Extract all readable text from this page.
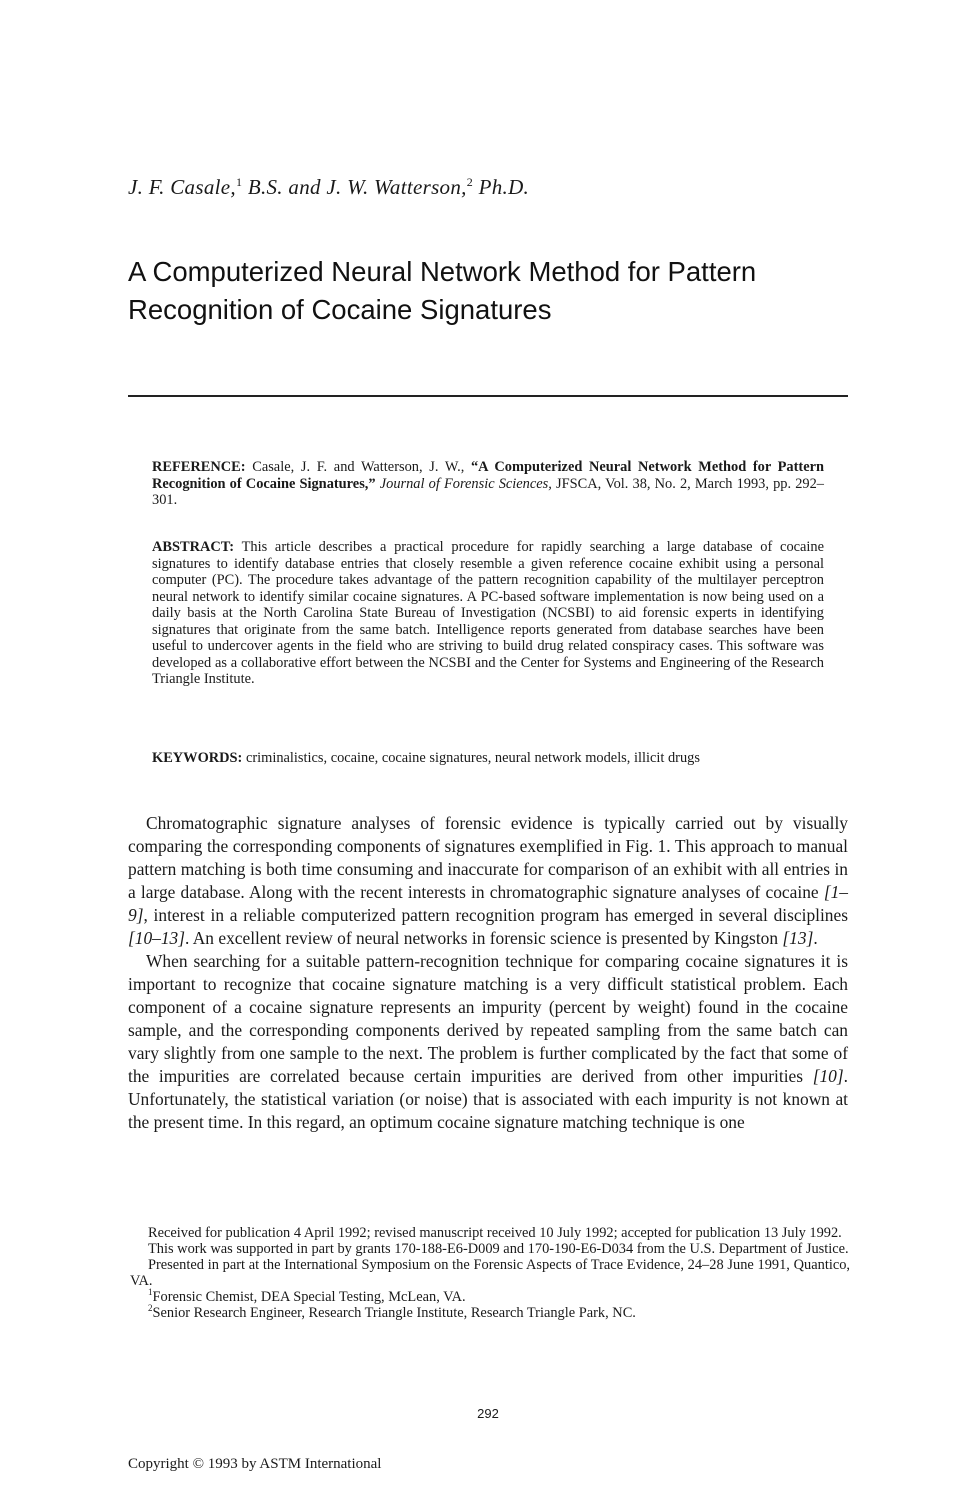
J. F. Casale,$^1$ B.S. and J. W. Watterson,$^2$ Ph.D.
A Computerized Neural Network Method for Pattern Recognition of Cocaine Signatures
REFERENCE: Casale, J. F. and Watterson, J. W., “A Computerized Neural Network Method for Pattern Recognition of Cocaine Signatures,” Journal of Forensic Sciences, JFSCA, Vol. 38, No. 2, March 1993, pp. 292–301.
ABSTRACT: This article describes a practical procedure for rapidly searching a large database of cocaine signatures to identify database entries that closely resemble a given reference cocaine exhibit using a personal computer (PC). The procedure takes advantage of the pattern recognition capability of the multilayer perceptron neural network to identify similar cocaine signatures. A PC-based software implementation is now being used on a daily basis at the North Carolina State Bureau of Investigation (NCSBI) to aid forensic experts in identifying signatures that originate from the same batch. Intelligence reports generated from database searches have been useful to undercover agents in the field who are striving to build drug related conspiracy cases. This software was developed as a collaborative effort between the NCSBI and the Center for Systems and Engineering of the Research Triangle Institute.
KEYWORDS: criminalistics, cocaine, cocaine signatures, neural network models, illicit drugs

Chromatographic signature analyses of forensic evidence is typically carried out by visually comparing the corresponding components of signatures exemplified in Fig. 1. This approach to manual pattern matching is both time consuming and inaccurate for comparison of an exhibit with all entries in a large database. Along with the recent interests in chromatographic signature analyses of cocaine [1–9], interest in a reliable computerized pattern recognition program has emerged in several disciplines [10–13]. An excellent review of neural networks in forensic science is presented by Kingston [13].

When searching for a suitable pattern-recognition technique for comparing cocaine signatures it is important to recognize that cocaine signature matching is a very difficult statistical problem. Each component of a cocaine signature represents an impurity (percent by weight) found in the cocaine sample, and the corresponding components derived by repeated sampling from the same batch can vary slightly from one sample to the next. The problem is further complicated by the fact that some of the impurities are correlated because certain impurities are derived from other impurities [10]. Unfortunately, the statistical variation (or noise) that is associated with each impurity is not known at the present time. In this regard, an optimum cocaine signature matching technique is one

Received for publication 4 April 1992; revised manuscript received 10 July 1992; accepted for publication 13 July 1992.

This work was supported in part by grants 170-188-E6-D009 and 170-190-E6-D034 from the U.S. Department of Justice.

Presented in part at the International Symposium on the Forensic Aspects of Trace Evidence, 24–28 June 1991, Quantico, VA.

$^1$Forensic Chemist, DEA Special Testing, McLean, VA.

$^2$Senior Research Engineer, Research Triangle Institute, Research Triangle Park, NC.

292
Copyright © 1993 by ASTM International
